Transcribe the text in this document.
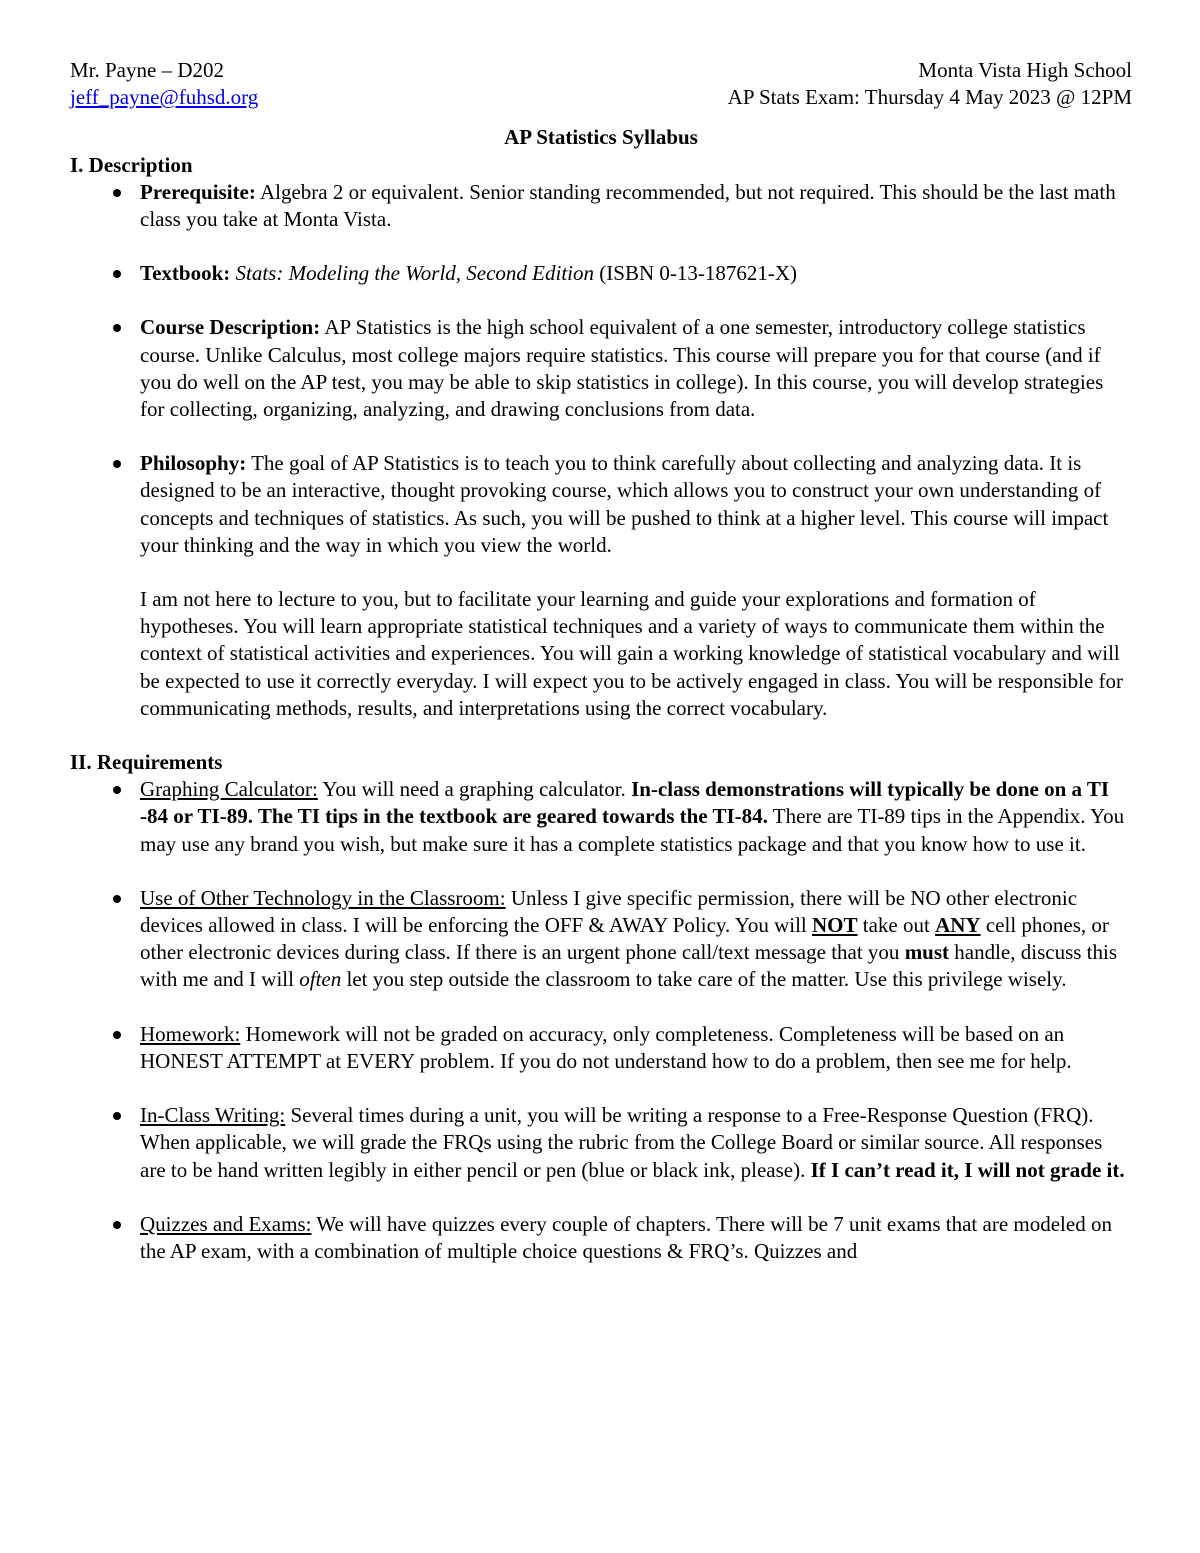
Mr. Payne – D202
jeff_payne@fuhsd.org
Monta Vista High School
AP Stats Exam: Thursday 4 May 2023 @ 12PM
AP Statistics Syllabus
I. Description
Prerequisite: Algebra 2 or equivalent. Senior standing recommended, but not required. This should be the last math class you take at Monta Vista.
Textbook: Stats: Modeling the World, Second Edition (ISBN 0-13-187621-X)
Course Description: AP Statistics is the high school equivalent of a one semester, introductory college statistics course. Unlike Calculus, most college majors require statistics. This course will prepare you for that course (and if you do well on the AP test, you may be able to skip statistics in college). In this course, you will develop strategies for collecting, organizing, analyzing, and drawing conclusions from data.
Philosophy: The goal of AP Statistics is to teach you to think carefully about collecting and analyzing data. It is designed to be an interactive, thought provoking course, which allows you to construct your own understanding of concepts and techniques of statistics. As such, you will be pushed to think at a higher level. This course will impact your thinking and the way in which you view the world.
I am not here to lecture to you, but to facilitate your learning and guide your explorations and formation of hypotheses. You will learn appropriate statistical techniques and a variety of ways to communicate them within the context of statistical activities and experiences. You will gain a working knowledge of statistical vocabulary and will be expected to use it correctly everyday. I will expect you to be actively engaged in class. You will be responsible for communicating methods, results, and interpretations using the correct vocabulary.
II. Requirements
Graphing Calculator: You will need a graphing calculator. In-class demonstrations will typically be done on a TI -84 or TI-89. The TI tips in the textbook are geared towards the TI-84. There are TI-89 tips in the Appendix. You may use any brand you wish, but make sure it has a complete statistics package and that you know how to use it.
Use of Other Technology in the Classroom: Unless I give specific permission, there will be NO other electronic devices allowed in class. I will be enforcing the OFF & AWAY Policy. You will NOT take out ANY cell phones, or other electronic devices during class. If there is an urgent phone call/text message that you must handle, discuss this with me and I will often let you step outside the classroom to take care of the matter. Use this privilege wisely.
Homework: Homework will not be graded on accuracy, only completeness. Completeness will be based on an HONEST ATTEMPT at EVERY problem. If you do not understand how to do a problem, then see me for help.
In-Class Writing: Several times during a unit, you will be writing a response to a Free-Response Question (FRQ). When applicable, we will grade the FRQs using the rubric from the College Board or similar source. All responses are to be hand written legibly in either pencil or pen (blue or black ink, please). If I can’t read it, I will not grade it.
Quizzes and Exams: We will have quizzes every couple of chapters. There will be 7 unit exams that are modeled on the AP exam, with a combination of multiple choice questions & FRQ’s. Quizzes and
